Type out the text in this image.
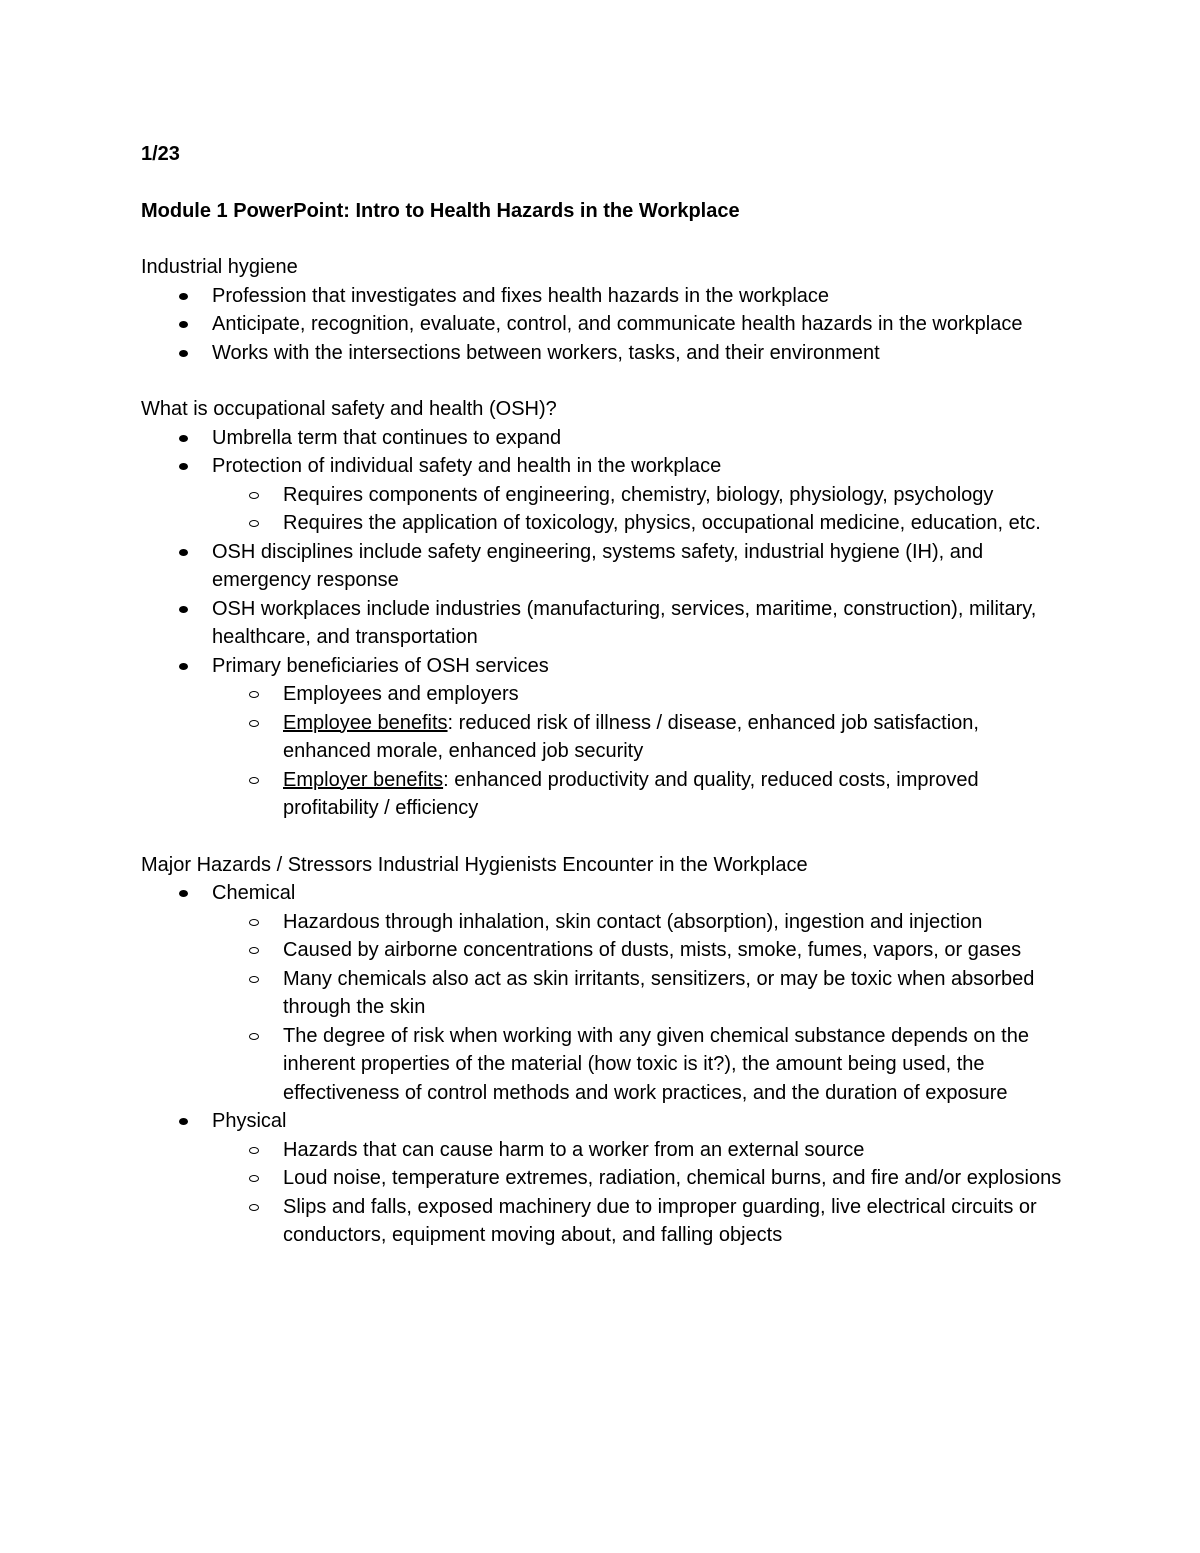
1/23

Module 1 PowerPoint: Intro to Health Hazards in the Workplace

Industrial hygiene

Profession that investigates and fixes health hazards in the workplace
Anticipate, recognition, evaluate, control, and communicate health hazards in the workplace
Works with the intersections between workers, tasks, and their environment

What is occupational safety and health (OSH)?

Umbrella term that continues to expand
Protection of individual safety and health in the workplace
Requires components of engineering, chemistry, biology, physiology, psychology
Requires the application of toxicology, physics, occupational medicine, education, etc.
OSH disciplines include safety engineering, systems safety, industrial hygiene (IH), and emergency response
OSH workplaces include industries (manufacturing, services, maritime, construction), military, healthcare, and transportation
Primary beneficiaries of OSH services
Employees and employers
Employee benefits: reduced risk of illness / disease, enhanced job satisfaction, enhanced morale, enhanced job security
Employer benefits: enhanced productivity and quality, reduced costs, improved profitability / efficiency

Major Hazards / Stressors Industrial Hygienists Encounter in the Workplace

Chemical
Hazardous through inhalation, skin contact (absorption), ingestion and injection
Caused by airborne concentrations of dusts, mists, smoke, fumes, vapors, or gases
Many chemicals also act as skin irritants, sensitizers, or may be toxic when absorbed through the skin
The degree of risk when working with any given chemical substance depends on the inherent properties of the material (how toxic is it?), the amount being used, the effectiveness of control methods and work practices, and the duration of exposure
Physical
Hazards that can cause harm to a worker from an external source
Loud noise, temperature extremes, radiation, chemical burns, and fire and/or explosions
Slips and falls, exposed machinery due to improper guarding, live electrical circuits or conductors, equipment moving about, and falling objects
